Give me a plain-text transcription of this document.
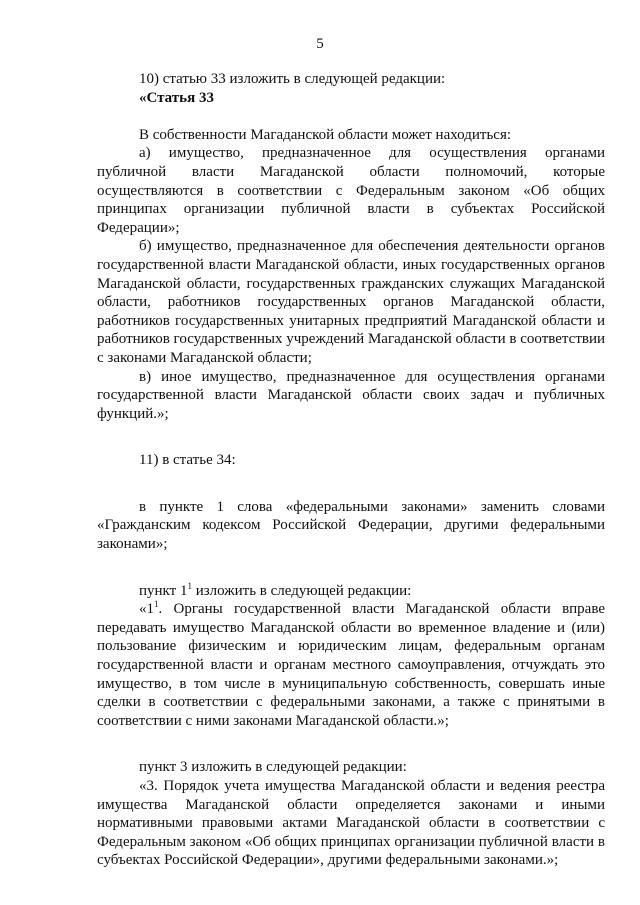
5

10) статью 33 изложить в следующей редакции:

«Статья 33

В собственности Магаданской области может находиться:

а) имущество, предназначенное для осуществления органами публичной власти Магаданской области полномочий, которые осуществляются в соответствии с Федеральным законом «Об общих принципах организации публичной власти в субъектах Российской Федерации»;

б) имущество, предназначенное для обеспечения деятельности органов государственной власти Магаданской области, иных государственных органов Магаданской области, государственных гражданских служащих Магаданской области, работников государственных органов Магаданской области, работников государственных унитарных предприятий Магаданской области и работников государственных учреждений Магаданской области в соответствии с законами Магаданской области;

в) иное имущество, предназначенное для осуществления органами государственной власти Магаданской области своих задач и публичных функций.»;

11) в статье 34:

в пункте 1 слова «федеральными законами» заменить словами «Гражданским кодексом Российской Федерации, другими федеральными законами»;

пункт $1^1$ изложить в следующей редакции:

«$1^1$. Органы государственной власти Магаданской области вправе передавать имущество Магаданской области во временное владение и (или) пользование физическим и юридическим лицам, федеральным органам государственной власти и органам местного самоуправления, отчуждать это имущество, в том числе в муниципальную собственность, совершать иные сделки в соответствии с федеральными законами, а также с принятыми в соответствии с ними законами Магаданской области.»;

пункт 3 изложить в следующей редакции:

«3. Порядок учета имущества Магаданской области и ведения реестра имущества Магаданской области определяется законами и иными нормативными правовыми актами Магаданской области в соответствии с Федеральным законом «Об общих принципах организации публичной власти в субъектах Российской Федерации», другими федеральными законами.»;
